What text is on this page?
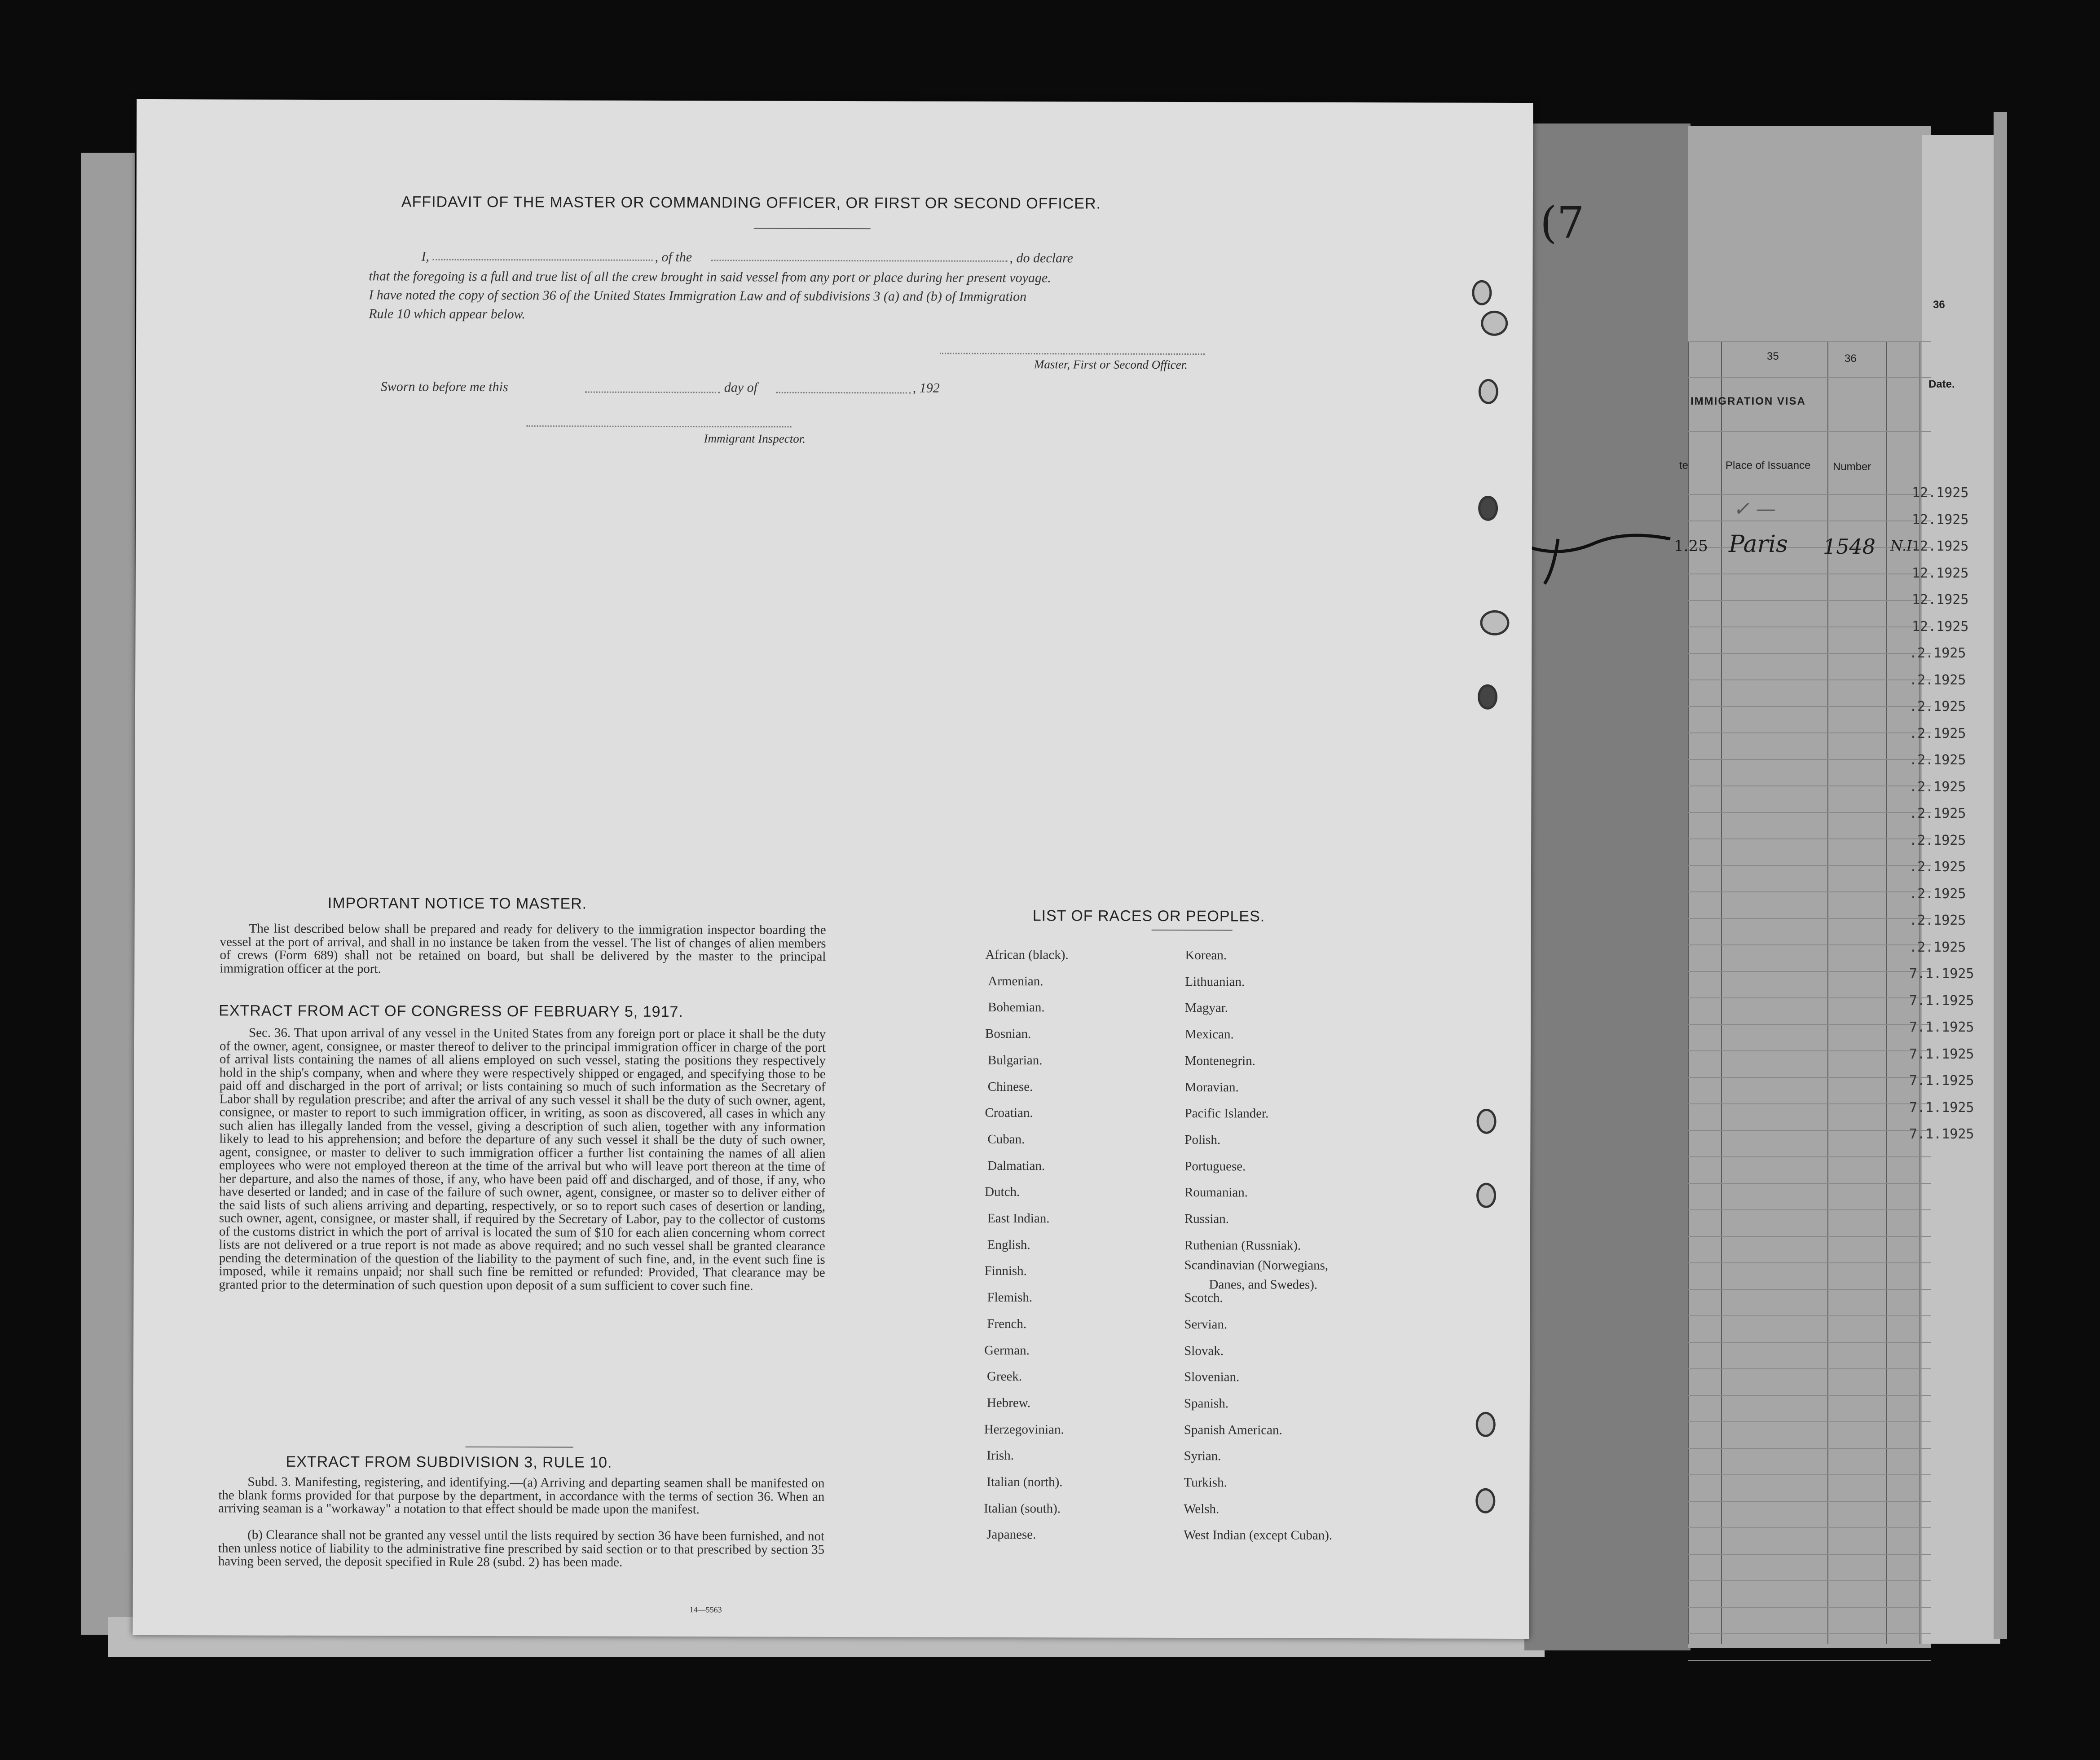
35	36
IMMIGRATION VISA
te	Place of Issuance Number
✓ —
1.25 Paris 1548 N.I.
36
Date.
12.1925
12.1925
12.1925
12.1925
12.1925
12.1925
.2.1925
.2.1925
.2.1925
.2.1925
.2.1925
.2.1925
.2.1925
.2.1925
.2.1925
.2.1925
.2.1925
.2.1925
7.1.1925
7.1.1925
7.1.1925
7.1.1925
7.1.1925
7.1.1925
7.1.1925
(7
AFFIDAVIT OF THE MASTER OR COMMANDING OFFICER, OR FIRST OR SECOND OFFICER.
I,	, of the	, do declare
that the foregoing is a full and true list of all the crew brought in said vessel from any port or place during her present voyage.
I have noted the copy of section 36 of the United States Immigration Law and of subdivisions 3 (a) and (b) of Immigration
Rule 10 which appear below.
Master, First or Second Officer.
Sworn to before me this	day of	, 192
Immigrant Inspector.
IMPORTANT NOTICE TO MASTER.
The list described below shall be prepared and ready for delivery to the immigration inspector boarding the vessel at the port of arrival, and shall in no instance be taken from the vessel. The list of changes of alien members of crews (Form 689) shall not be retained on board, but shall be delivered by the master to the principal immigration officer at the port.
EXTRACT FROM ACT OF CONGRESS OF FEBRUARY 5, 1917.
Sec. 36. That upon arrival of any vessel in the United States from any foreign port or place it shall be the duty of the owner, agent, consignee, or master thereof to deliver to the principal immigration officer in charge of the port of arrival lists containing the names of all aliens employed on such vessel, stating the positions they respectively hold in the ship's company, when and where they were respectively shipped or engaged, and specifying those to be paid off and discharged in the port of arrival; or lists containing so much of such information as the Secretary of Labor shall by regulation prescribe; and after the arrival of any such vessel it shall be the duty of such owner, agent, consignee, or master to report to such immigration officer, in writing, as soon as discovered, all cases in which any such alien has illegally landed from the vessel, giving a description of such alien, together with any information likely to lead to his apprehension; and before the departure of any such vessel it shall be the duty of such owner, agent, consignee, or master to deliver to such immigration officer a further list containing the names of all alien employees who were not employed thereon at the time of the arrival but who will leave port thereon at the time of her departure, and also the names of those, if any, who have been paid off and discharged, and of those, if any, who have deserted or landed; and in case of the failure of such owner, agent, consignee, or master so to deliver either of the said lists of such aliens arriving and departing, respectively, or so to report such cases of desertion or landing, such owner, agent, consignee, or master shall, if required by the Secretary of Labor, pay to the collector of customs of the customs district in which the port of arrival is located the sum of $10 for each alien concerning whom correct lists are not delivered or a true report is not made as above required; and no such vessel shall be granted clearance pending the determination of the question of the liability to the payment of such fine, and, in the event such fine is imposed, while it remains unpaid; nor shall such fine be remitted or refunded: Provided, That clearance may be granted prior to the determination of such question upon deposit of a sum sufficient to cover such fine.
EXTRACT FROM SUBDIVISION 3, RULE 10.
Subd. 3. Manifesting, registering, and identifying.—(a) Arriving and departing seamen shall be manifested on the blank forms provided for that purpose by the department, in accordance with the terms of section 36. When an arriving seaman is a "workaway" a notation to that effect should be made upon the manifest.
(b) Clearance shall not be granted any vessel until the lists required by section 36 have been furnished, and not then unless notice of liability to the administrative fine prescribed by said section or to that prescribed by section 35 having been served, the deposit specified in Rule 28 (subd. 2) has been made.
14—5563
LIST OF RACES OR PEOPLES.
African (black).
Armenian.
Bohemian.
Bosnian.
Bulgarian.
Chinese.
Croatian.
Cuban.
Dalmatian.
Dutch.
East Indian.
English.
Finnish.
Flemish.
French.
German.
Greek.
Hebrew.
Herzegovinian.
Irish.
Italian (north).
Italian (south).
Japanese.
Korean.
Lithuanian.
Magyar.
Mexican.
Montenegrin.
Moravian.
Pacific Islander.
Polish.
Portuguese.
Roumanian.
Russian.
Ruthenian (Russniak).
Scandinavian (Norwegians,
Danes, and Swedes).
Scotch.
Servian.
Slovak.
Slovenian.
Spanish.
Spanish American.
Syrian.
Turkish.
Welsh.
West Indian (except Cuban).
